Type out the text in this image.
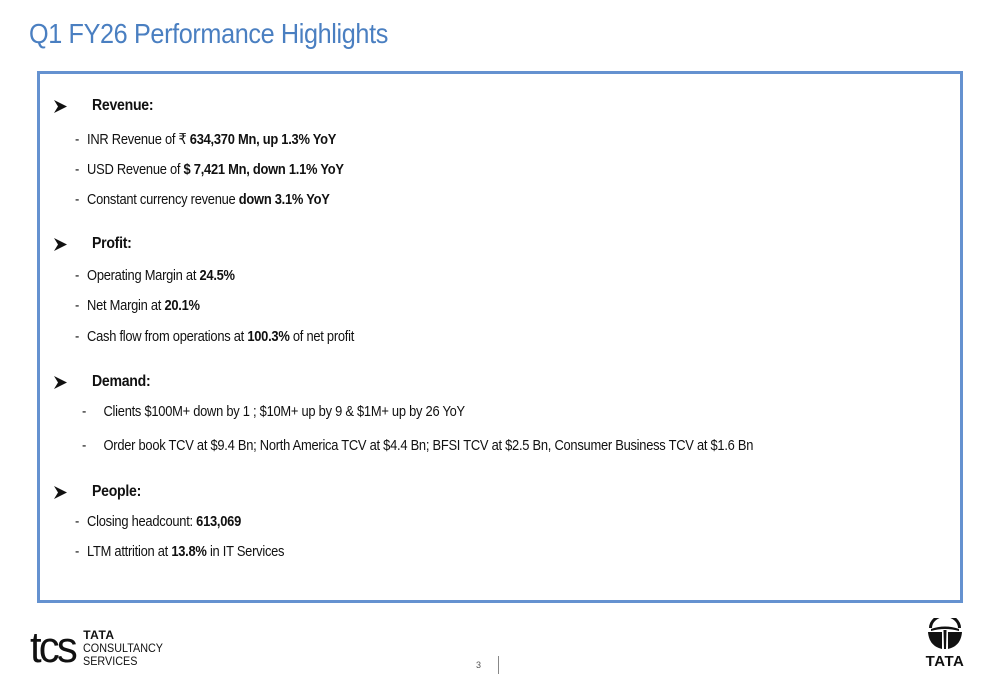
Q1 FY26 Performance Highlights
Revenue:
- INR Revenue of ₹ 634,370 Mn, up 1.3% YoY
- USD Revenue of $ 7,421 Mn, down 1.1% YoY
- Constant currency revenue down 3.1% YoY
Profit:
- Operating Margin at 24.5%
- Net Margin at 20.1%
- Cash flow from operations at 100.3% of net profit
Demand:
- Clients $100M+ down by 1 ; $10M+ up by 9 & $1M+ up by 26 YoY
- Order book TCV at $9.4 Bn; North America TCV at $4.4 Bn; BFSI TCV at $2.5 Bn, Consumer Business TCV at $1.6 Bn
People:
- Closing headcount: 613,069
- LTM attrition at 13.8% in IT Services
tcs TATA
CONSULTANCY
SERVICES	3	TATA
